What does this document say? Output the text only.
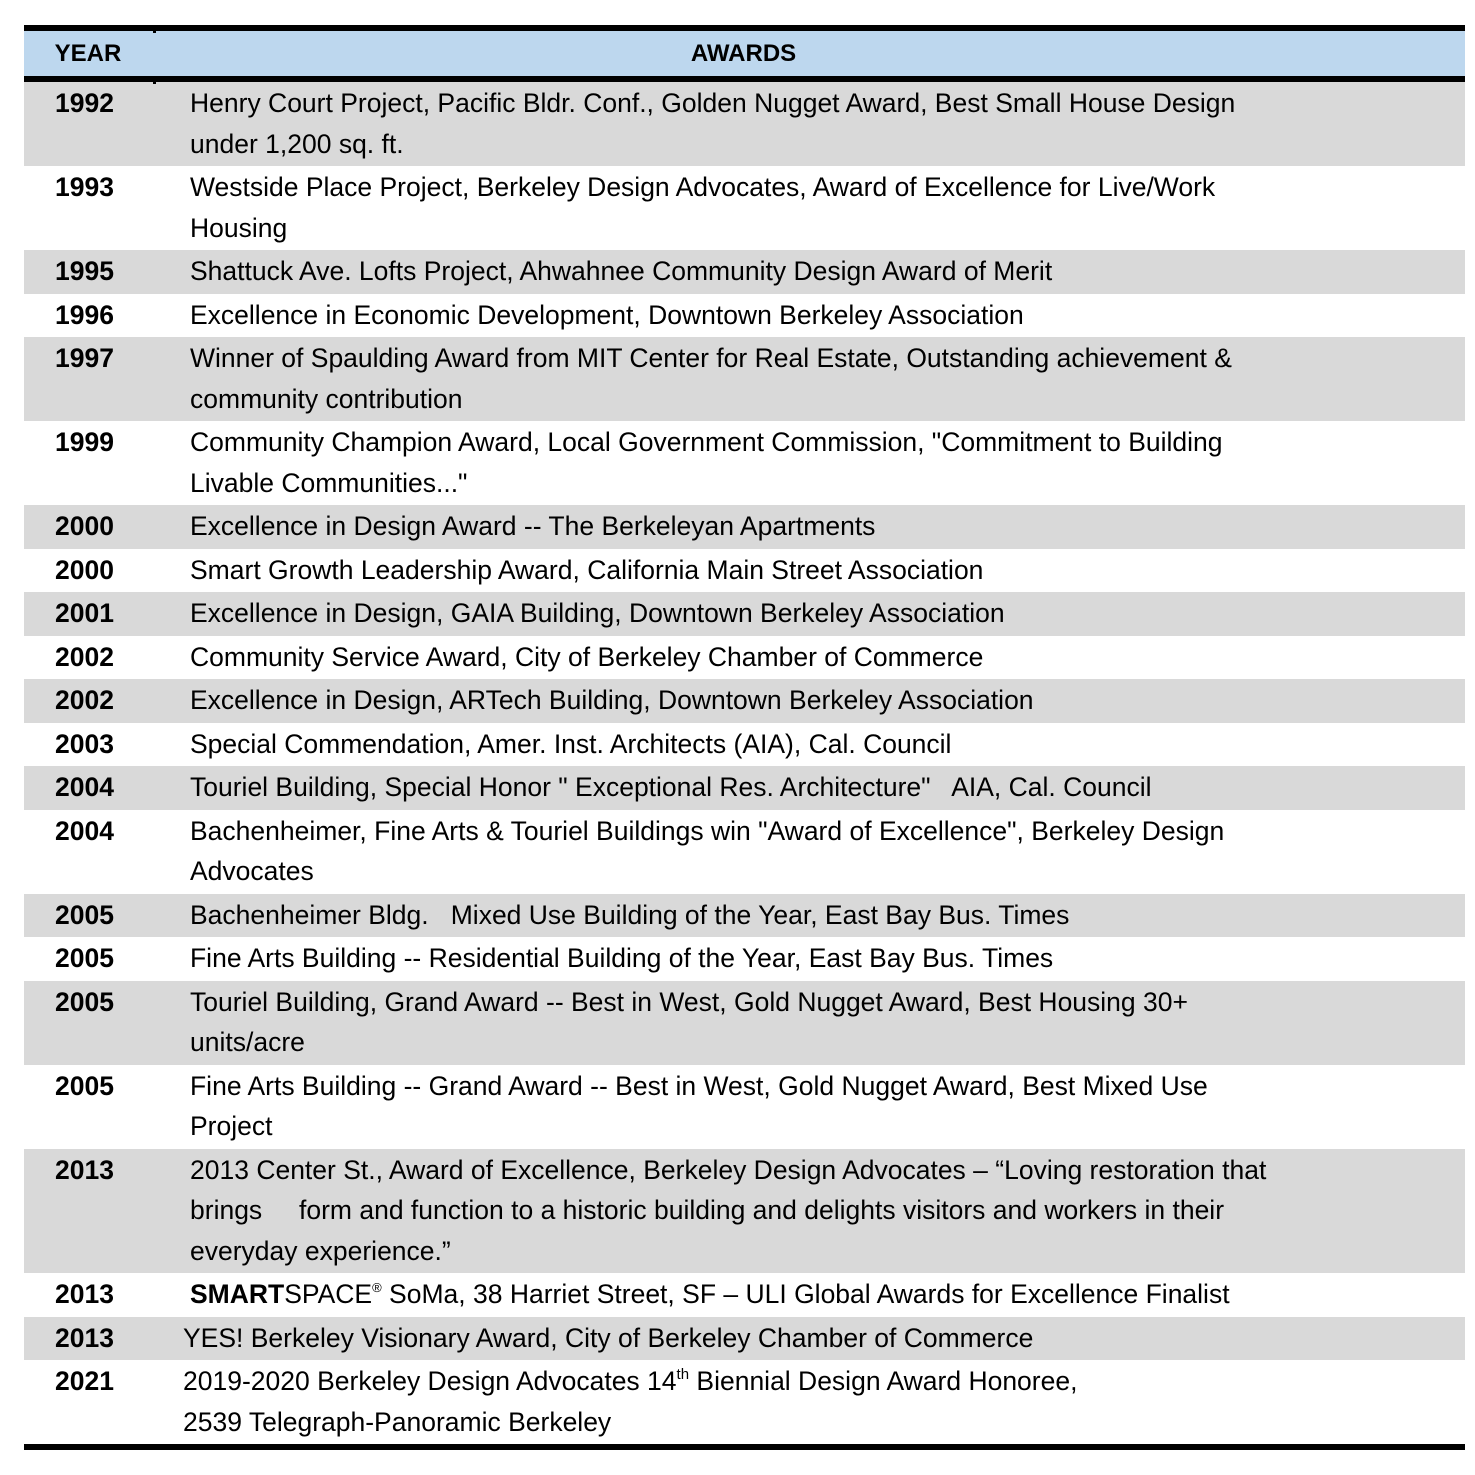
YEAR	AWARDS
1992	Henry Court Project, Pacific Bldr. Conf., Golden Nugget Award, Best Small House Design
under 1,200 sq. ft.
1993	Westside Place Project, Berkeley Design Advocates, Award of Excellence for Live/Work
Housing
1995	Shattuck Ave. Lofts Project, Ahwahnee Community Design Award of Merit
1996	Excellence in Economic Development, Downtown Berkeley Association
1997	Winner of Spaulding Award from MIT Center for Real Estate, Outstanding achievement &
community contribution
1999	Community Champion Award, Local Government Commission, "Commitment to Building
Livable Communities..."
2000	Excellence in Design Award -- The Berkeleyan Apartments
2000	Smart Growth Leadership Award, California Main Street Association
2001	Excellence in Design, GAIA Building, Downtown Berkeley Association
2002	Community Service Award, City of Berkeley Chamber of Commerce
2002	Excellence in Design, ARTech Building, Downtown Berkeley Association
2003	Special Commendation, Amer. Inst. Architects (AIA), Cal. Council
2004	Touriel Building, Special Honor " Exceptional Res. Architecture"   AIA, Cal. Council
2004	Bachenheimer, Fine Arts & Touriel Buildings win "Award of Excellence", Berkeley Design
Advocates
2005	Bachenheimer Bldg.   Mixed Use Building of the Year, East Bay Bus. Times
2005	Fine Arts Building -- Residential Building of the Year, East Bay Bus. Times
2005	Touriel Building, Grand Award -- Best in West, Gold Nugget Award, Best Housing 30+
units/acre
2005	Fine Arts Building -- Grand Award -- Best in West, Gold Nugget Award, Best Mixed Use
Project
2013	2013 Center St., Award of Excellence, Berkeley Design Advocates – “Loving restoration that
brings     form and function to a historic building and delights visitors and workers in their
everyday experience.”
2013	SMARTSPACE® SoMa, 38 Harriet Street, SF – ULI Global Awards for Excellence Finalist
2013	YES! Berkeley Visionary Award, City of Berkeley Chamber of Commerce
2021	2019-2020 Berkeley Design Advocates 14th Biennial Design Award Honoree,
2539 Telegraph-Panoramic Berkeley
